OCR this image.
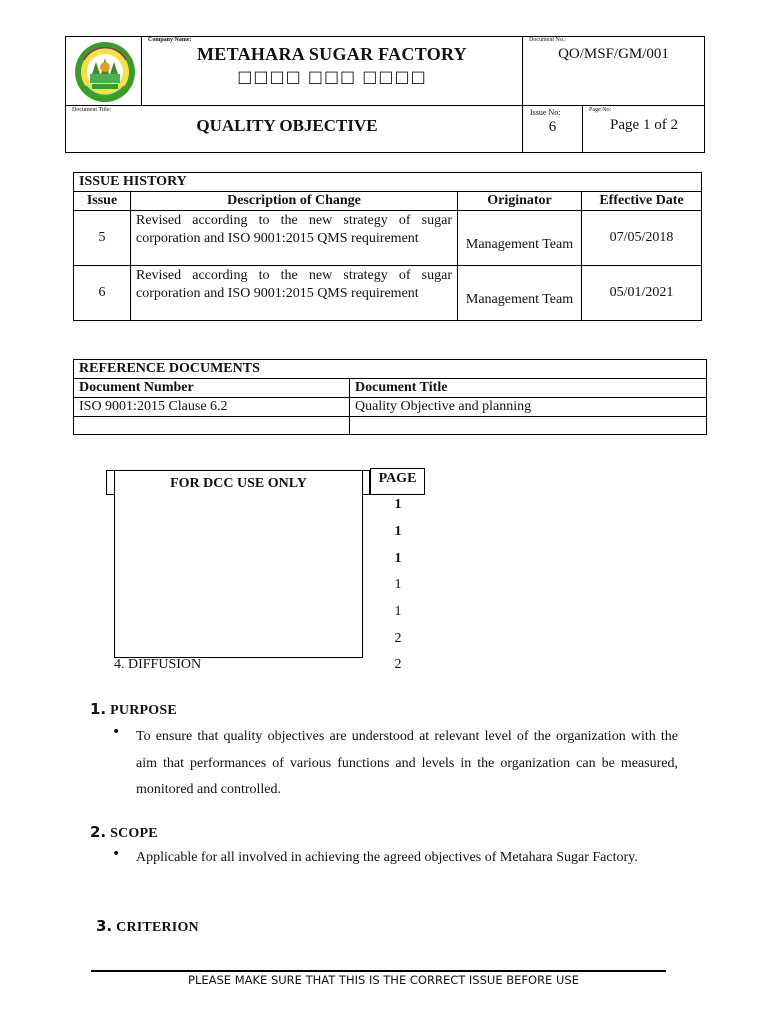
Company Name:
METAHARA SUGAR FACTORY
□□□□ □□□ □□□□
Document No.:
QO/MSF/GM/001
Document Title:
QUALITY OBJECTIVE
Issue No:
6
Page No:
Page 1 of 2
ISSUE HISTORY			
Issue	Description of Change	Originator	Effective Date
5	Revised according to the new strategy of sugar corporation and ISO 9001:2015 QMS requirement	Management Team	07/05/2018
6	Revised according to the new strategy of sugar corporation and ISO 9001:2015 QMS requirement	Management Team	05/01/2021
REFERENCE DOCUMENTS	
Document Number	Document Title
ISO 9001:2015 Clause 6.2	Quality Objective and planning

FOR DCC USE ONLY	PAGE
1
1
1
1
1
2
4. DIFFUSION	2
1. PURPOSE
• To ensure that quality objectives are understood at relevant level of the organization with the aim that performances of various functions and levels in the organization can be measured, monitored and controlled.
2. SCOPE
• Applicable for all involved in achieving the agreed objectives of Metahara Sugar Factory.
3. CRITERION
PLEASE MAKE SURE THAT THIS IS THE CORRECT ISSUE BEFORE USE
